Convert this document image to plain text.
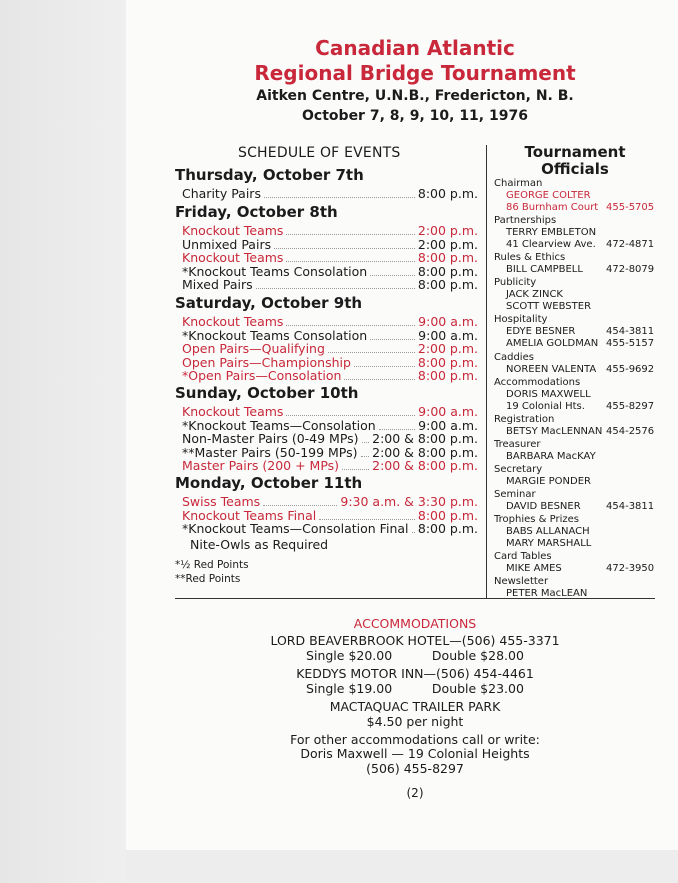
Canadian Atlantic
Regional Bridge Tournament
Aitken Centre, U.N.B., Fredericton, N. B.
October 7, 8, 9, 10, 11, 1976
SCHEDULE OF EVENTS
Thursday, October 7th
Charity Pairs	8:00 p.m.
Friday, October 8th
Knockout Teams	2:00 p.m.
Unmixed Pairs	2:00 p.m.
Knockout Teams	8:00 p.m.
*Knockout Teams Consolation	8:00 p.m.
Mixed Pairs	8:00 p.m.
Saturday, October 9th
Knockout Teams	9:00 a.m.
*Knockout Teams Consolation	9:00 a.m.
Open Pairs—Qualifying	2:00 p.m.
Open Pairs—Championship	8:00 p.m.
*Open Pairs—Consolation	8:00 p.m.
Sunday, October 10th
Knockout Teams	9:00 a.m.
*Knockout Teams—Consolation	9:00 a.m.
Non-Master Pairs (0-49 MPs) 2:00 & 8:00 p.m.
**Master Pairs (50-199 MPs) 2:00 & 8:00 p.m.
Master Pairs (200 + MPs)	2:00 & 8:00 p.m.
Monday, October 11th
Swiss Teams	9:30 a.m. & 3:30 p.m.
Knockout Teams Final	8:00 p.m.
*Knockout Teams—Consolation Final 8:00 p.m.
Nite-Owls as Required
*½ Red Points
**Red Points
Tournament
Officials
Chairman
GEORGE COLTER
86 Burnham Court 455-5705
Partnerships
TERRY EMBLETON
41 Clearview Ave. 472-4871
Rules & Ethics
BILL CAMPBELL 472-8079
Publicity
JACK ZINCK
SCOTT WEBSTER
Hospitality
EDYE BESNER	454-3811
AMELIA GOLDMAN 455-5157
Caddies
NOREEN VALENTA 455-9692
Accommodations
DORIS MAXWELL
19 Colonial Hts. 455-8297
Registration
BETSY MacLENNAN 454-2576
Treasurer
BARBARA MacKAY
Secretary
MARGIE PONDER
Seminar
DAVID BESNER	454-3811
Trophies & Prizes
BABS ALLANACH
MARY MARSHALL
Card Tables
MIKE AMES	472-3950
Newsletter
PETER MacLEAN
ACCOMMODATIONS
LORD BEAVERBROOK HOTEL—(506) 455-3371
Single $20.00          Double $28.00
KEDDYS MOTOR INN—(506) 454-4461
Single $19.00          Double $23.00
MACTAQUAC TRAILER PARK
$4.50 per night
For other accommodations call or write:
Doris Maxwell — 19 Colonial Heights
(506) 455-8297
(2)
